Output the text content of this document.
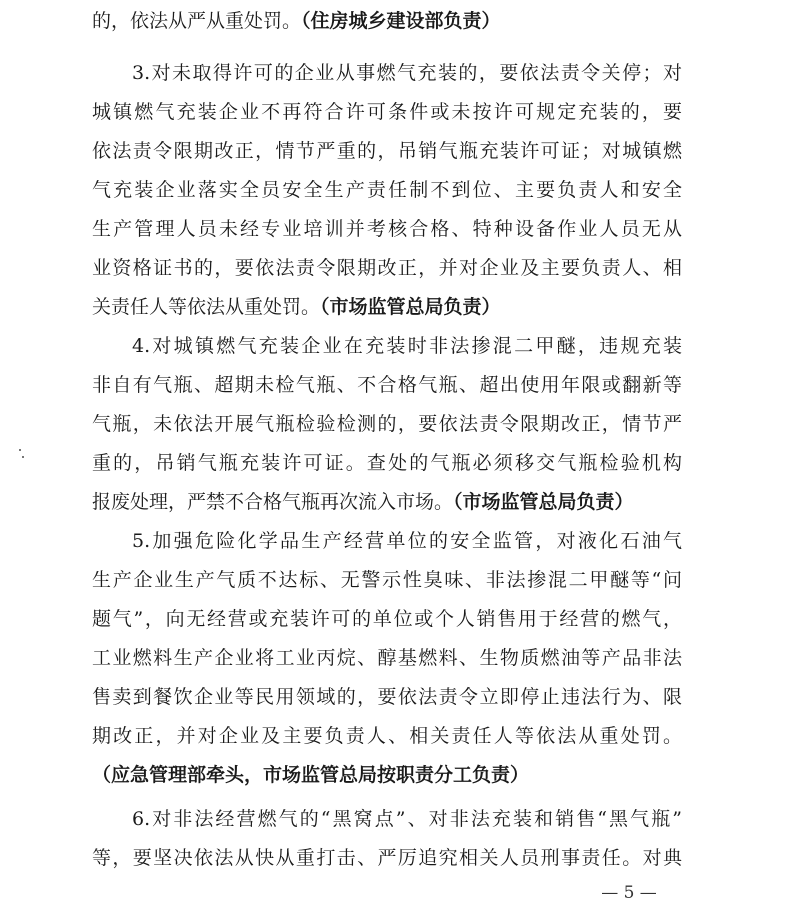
的，依法从严从重处罚。（住房城乡建设部负责）
3.对未取得许可的企业从事燃气充装的，要依法责令关停；对
城镇燃气充装企业不再符合许可条件或未按许可规定充装的，要
依法责令限期改正，情节严重的，吊销气瓶充装许可证；对城镇燃
气充装企业落实全员安全生产责任制不到位、主要负责人和安全
生产管理人员未经专业培训并考核合格、特种设备作业人员无从
业资格证书的，要依法责令限期改正，并对企业及主要负责人、相
关责任人等依法从重处罚。（市场监管总局负责）
4.对城镇燃气充装企业在充装时非法掺混二甲醚，违规充装
非自有气瓶、超期未检气瓶、不合格气瓶、超出使用年限或翻新等
气瓶，未依法开展气瓶检验检测的，要依法责令限期改正，情节严
重的，吊销气瓶充装许可证。查处的气瓶必须移交气瓶检验机构
报废处理，严禁不合格气瓶再次流入市场。（市场监管总局负责）
5.加强危险化学品生产经营单位的安全监管，对液化石油气
生产企业生产气质不达标、无警示性臭味、非法掺混二甲醚等“问
题气”，向无经营或充装许可的单位或个人销售用于经营的燃气，
工业燃料生产企业将工业丙烷、醇基燃料、生物质燃油等产品非法
售卖到餐饮企业等民用领域的，要依法责令立即停止违法行为、限
期改正，并对企业及主要负责人、相关责任人等依法从重处罚。
（应急管理部牵头，市场监管总局按职责分工负责）
6.对非法经营燃气的“黑窝点”、对非法充装和销售“黑气瓶”
等，要坚决依法从快从重打击、严厉追究相关人员刑事责任。对典
— 5 —
